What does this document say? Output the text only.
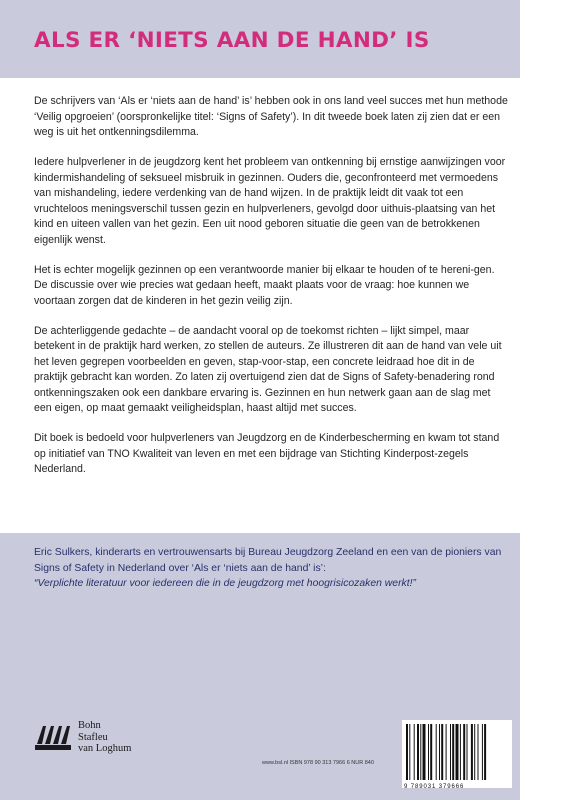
ALS ER ‘NIETS AAN DE HAND’ IS

De schrijvers van ‘Als er ‘niets aan de hand’ is’ hebben ook in ons land veel succes met hun methode ‘Veilig opgroeien’ (oorspronkelijke titel: ‘Signs of Safety’). In dit tweede boek laten zij zien dat er een weg is uit het ontkenningsdilemma.

Iedere hulpverlener in de jeugdzorg kent het probleem van ontkenning bij ernstige aanwijzingen voor kindermishandeling of seksueel misbruik in gezinnen. Ouders die, geconfronteerd met vermoedens van mishandeling, iedere verdenking van de hand wijzen. In de praktijk leidt dit vaak tot een vruchteloos meningsverschil tussen gezin en hulpverleners, gevolgd door uithuis-plaatsing van het kind en uiteen vallen van het gezin. Een uit nood geboren situatie die geen van de betrokkenen eigenlijk wenst.

Het is echter mogelijk gezinnen op een verantwoorde manier bij elkaar te houden of te hereni-gen. De discussie over wie precies wat gedaan heeft, maakt plaats voor de vraag: hoe kunnen we voortaan zorgen dat de kinderen in het gezin veilig zijn.

De achterliggende gedachte – de aandacht vooral op de toekomst richten – lijkt simpel, maar betekent in de praktijk hard werken, zo stellen de auteurs. Ze illustreren dit aan de hand van vele uit het leven gegrepen voorbeelden en geven, stap-voor-stap, een concrete leidraad hoe dit in de praktijk gebracht kan worden. Zo laten zij overtuigend zien dat de Signs of Safety-benadering rond ontkenningszaken ook een dankbare ervaring is. Gezinnen en hun netwerk gaan aan de slag met een eigen, op maat gemaakt veiligheidsplan, haast altijd met succes.

Dit boek is bedoeld voor hulpverleners van Jeugdzorg en de Kinderbescherming en kwam tot stand op initiatief van TNO Kwaliteit van leven en met een bijdrage van Stichting Kinderpost-zegels Nederland.

Eric Sulkers, kinderarts en vertrouwensarts bij Bureau Jeugdzorg Zeeland en een van de pioniers van Signs of Safety in Nederland over ‘Als er ‘niets aan de hand’ is’:
“Verplichte literatuur voor iedereen die in de jeugdzorg met hoogrisicozaken werkt!”
Bohn
Stafleu
van Loghum
www.bsl.nl ISBN 978 90 313 7966 6 NUR 840
9 789031 379666
